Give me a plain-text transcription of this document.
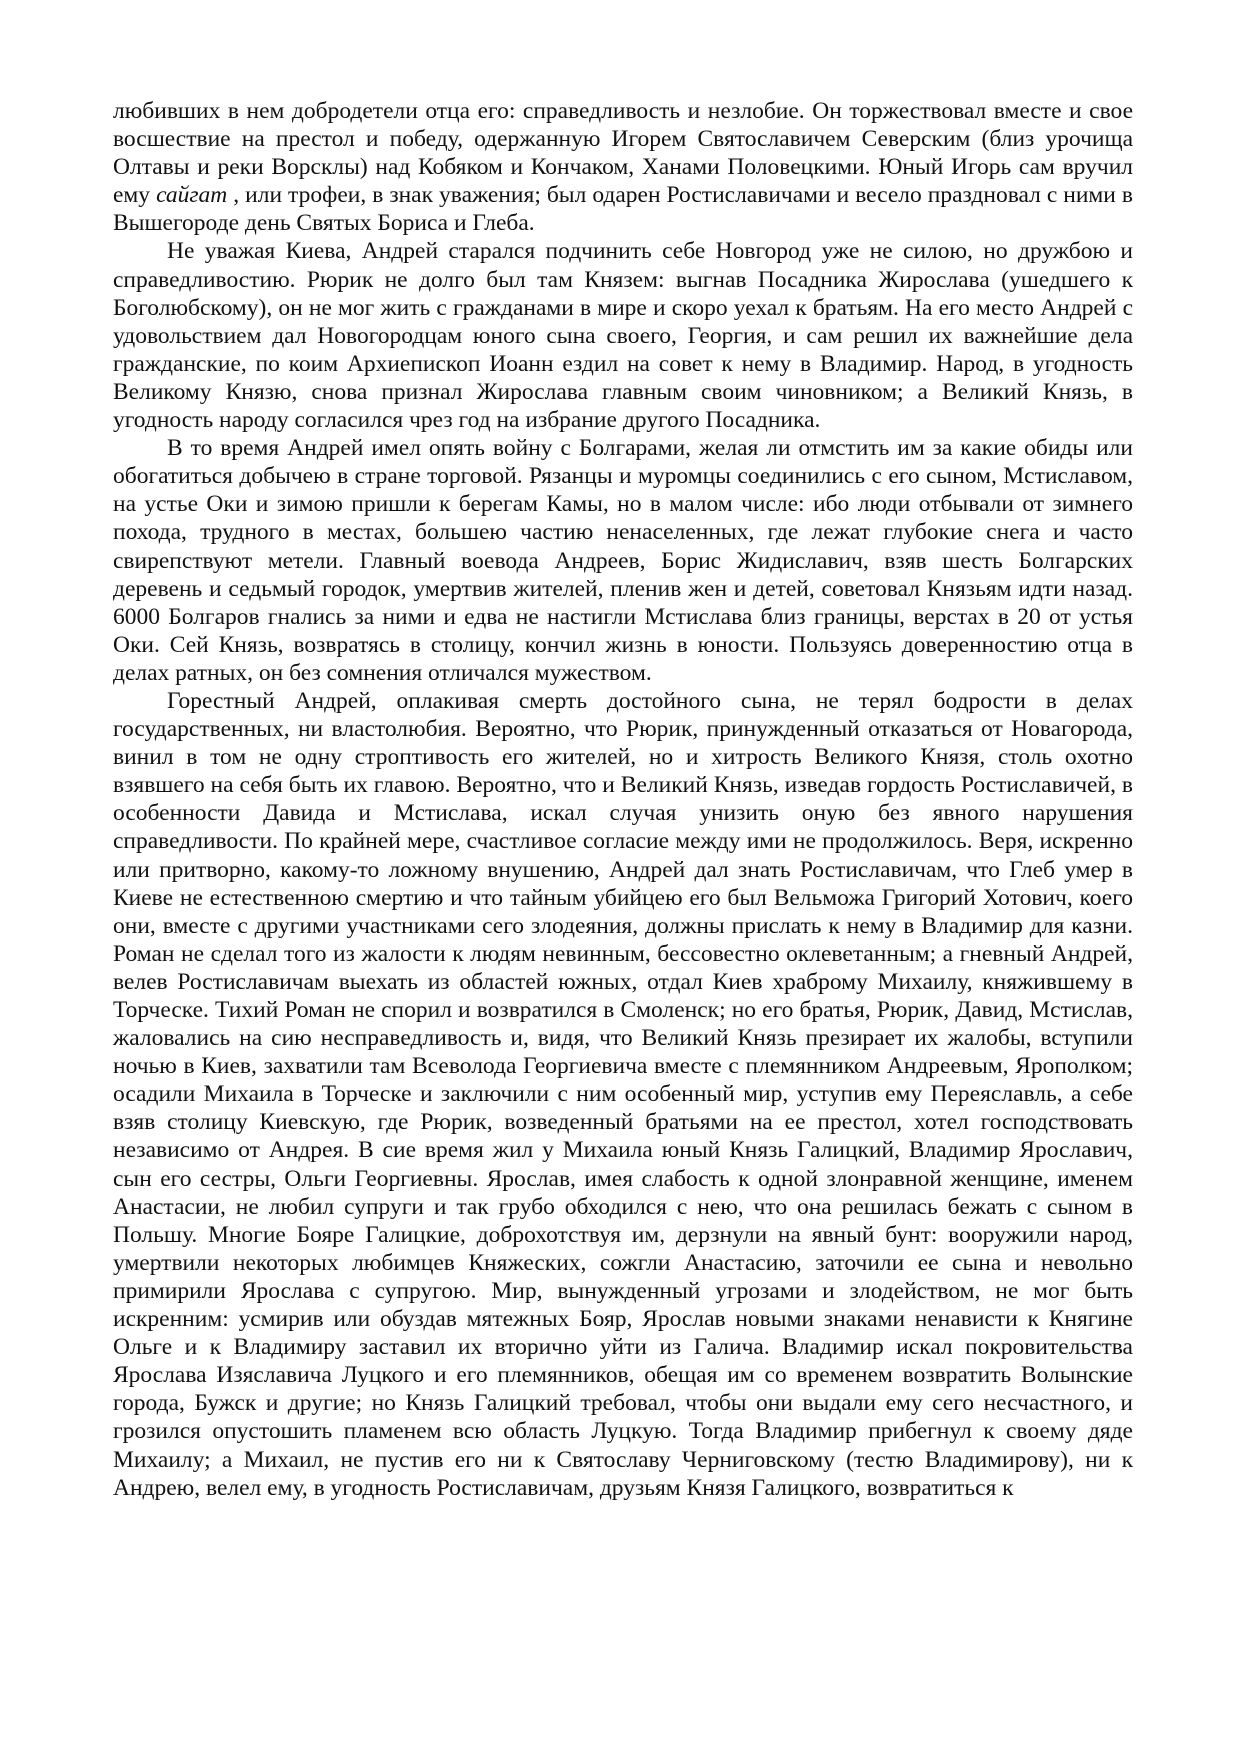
любивших в нем добродетели отца его: справедливость и незлобие. Он торжествовал вместе и свое восшествие на престол и победу, одержанную Игорем Святославичем Северским (близ урочища Олтавы и реки Ворсклы) над Кобяком и Кончаком, Ханами Половецкими. Юный Игорь сам вручил ему сайгат , или трофеи, в знак уважения; был одарен Ростиславичами и весело праздновал с ними в Вышегороде день Святых Бориса и Глеба.

Не уважая Киева, Андрей старался подчинить себе Новгород уже не силою, но дружбою и справедливостию. Рюрик не долго был там Князем: выгнав Посадника Жирослава (ушедшего к Боголюбскому), он не мог жить с гражданами в мире и скоро уехал к братьям. На его место Андрей с удовольствием дал Новогородцам юного сына своего, Георгия, и сам решил их важнейшие дела гражданские, по коим Архиепископ Иоанн ездил на совет к нему в Владимир. Народ, в угодность Великому Князю, снова признал Жирослава главным своим чиновником; а Великий Князь, в угодность народу согласился чрез год на избрание другого Посадника.

В то время Андрей имел опять войну с Болгарами, желая ли отмстить им за какие обиды или обогатиться добычею в стране торговой. Рязанцы и муромцы соединились с его сыном, Мстиславом, на устье Оки и зимою пришли к берегам Камы, но в малом числе: ибо люди отбывали от зимнего похода, трудного в местах, большею частию ненаселенных, где лежат глубокие снега и часто свирепствуют метели. Главный воевода Андреев, Борис Жидиславич, взяв шесть Болгарских деревень и седьмый городок, умертвив жителей, пленив жен и детей, советовал Князьям идти назад. 6000 Болгаров гнались за ними и едва не настигли Мстислава близ границы, верстах в 20 от устья Оки. Сей Князь, возвратясь в столицу, кончил жизнь в юности. Пользуясь доверенностию отца в делах ратных, он без сомнения отличался мужеством.

Горестный Андрей, оплакивая смерть достойного сына, не терял бодрости в делах государственных, ни властолюбия. Вероятно, что Рюрик, принужденный отказаться от Новагорода, винил в том не одну строптивость его жителей, но и хитрость Великого Князя, столь охотно взявшего на себя быть их главою. Вероятно, что и Великий Князь, изведав гордость Ростиславичей, в особенности Давида и Мстислава, искал случая унизить оную без явного нарушения справедливости. По крайней мере, счастливое согласие между ими не продолжилось. Веря, искренно или притворно, какому-то ложному внушению, Андрей дал знать Ростиславичам, что Глеб умер в Киеве не естественною смертию и что тайным убийцею его был Вельможа Григорий Хотович, коего они, вместе с другими участниками сего злодеяния, должны прислать к нему в Владимир для казни. Роман не сделал того из жалости к людям невинным, бессовестно оклеветанным; а гневный Андрей, велев Ростиславичам выехать из областей южных, отдал Киев храброму Михаилу, княжившему в Торческе. Тихий Роман не спорил и возвратился в Смоленск; но его братья, Рюрик, Давид, Мстислав, жаловались на сию несправедливость и, видя, что Великий Князь презирает их жалобы, вступили ночью в Киев, захватили там Всеволода Георгиевича вместе с племянником Андреевым, Ярополком; осадили Михаила в Торческе и заключили с ним особенный мир, уступив ему Переяславль, а себе взяв столицу Киевскую, где Рюрик, возведенный братьями на ее престол, хотел господствовать независимо от Андрея. В сие время жил у Михаила юный Князь Галицкий, Владимир Ярославич, сын его сестры, Ольги Георгиевны. Ярослав, имея слабость к одной злонравной женщине, именем Анастасии, не любил супруги и так грубо обходился с нею, что она решилась бежать с сыном в Польшу. Многие Бояре Галицкие, доброхотствуя им, дерзнули на явный бунт: вооружили народ, умертвили некоторых любимцев Княжеских, сожгли Анастасию, заточили ее сына и невольно примирили Ярослава с супругою. Мир, вынужденный угрозами и злодейством, не мог быть искренним: усмирив или обуздав мятежных Бояр, Ярослав новыми знаками ненависти к Княгине Ольге и к Владимиру заставил их вторично уйти из Галича. Владимир искал покровительства Ярослава Изяславича Луцкого и его племянников, обещая им со временем возвратить Волынские города, Бужск и другие; но Князь Галицкий требовал, чтобы они выдали ему сего несчастного, и грозился опустошить пламенем всю область Луцкую. Тогда Владимир прибегнул к своему дяде Михаилу; а Михаил, не пустив его ни к Святославу Черниговскому (тестю Владимирову), ни к Андрею, велел ему, в угодность Ростиславичам, друзьям Князя Галицкого, возвратиться к
